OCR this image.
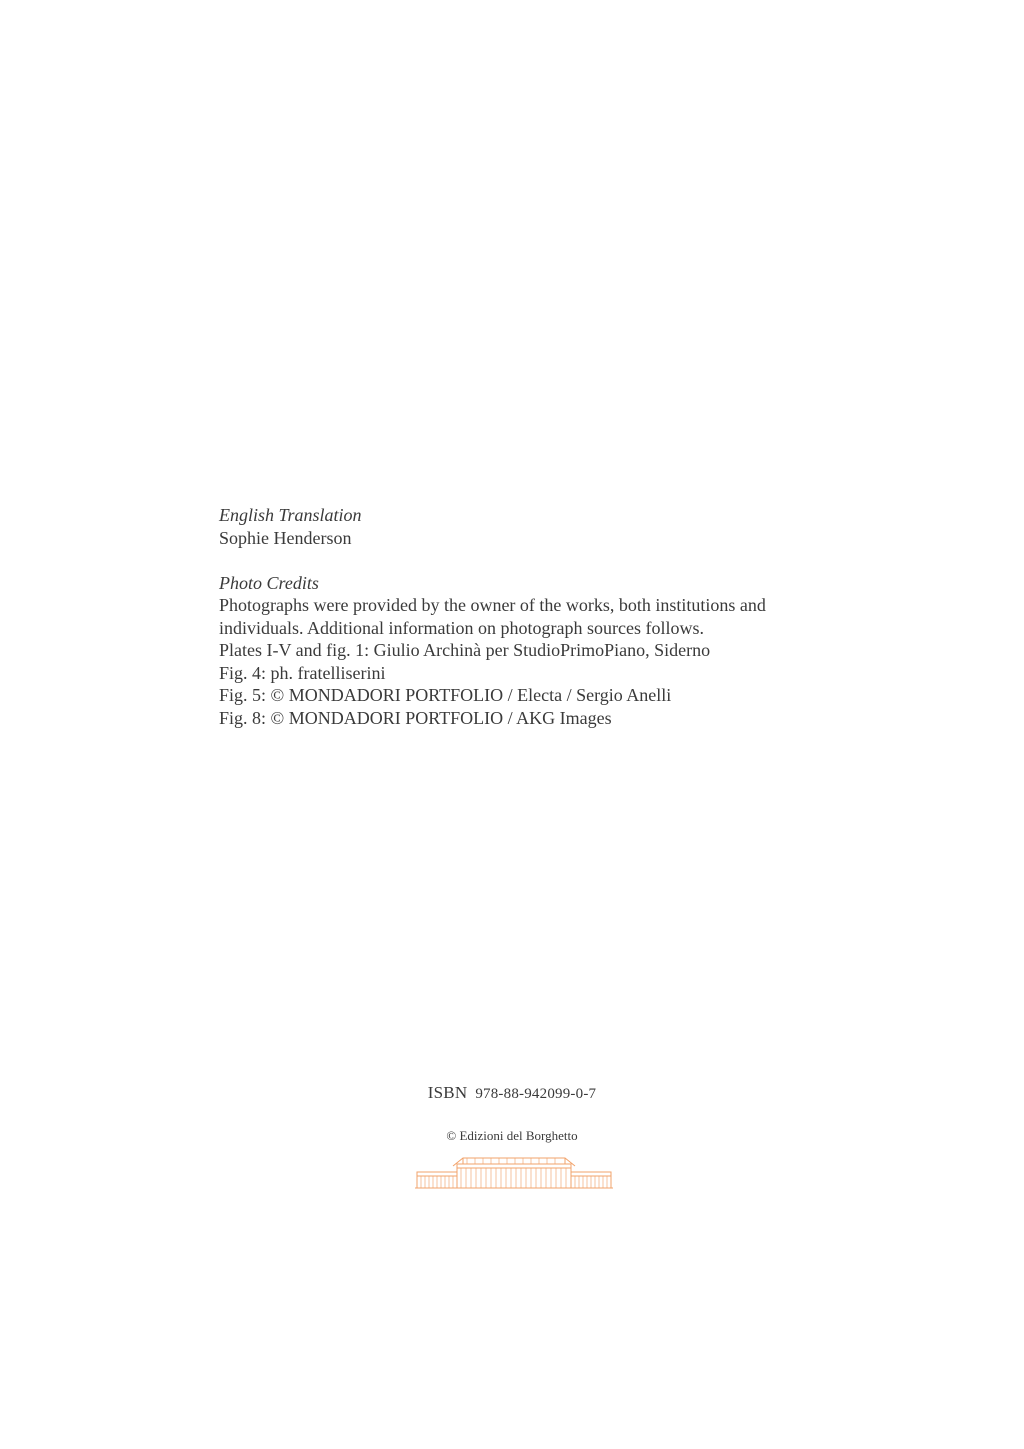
English Translation

Sophie Henderson

Photo Credits

Photographs were provided by the owner of the works, both institutions and

individuals. Additional information on photograph sources follows.

Plates I-V and fig. 1: Giulio Archinà per StudioPrimoPiano, Siderno

Fig. 4: ph. fratelliserini

Fig. 5: © MONDADORI PORTFOLIO / Electa / Sergio Anelli

Fig. 8: © MONDADORI PORTFOLIO / AKG Images

ISBN 978-88-942099-0-7

© Edizioni del Borghetto
